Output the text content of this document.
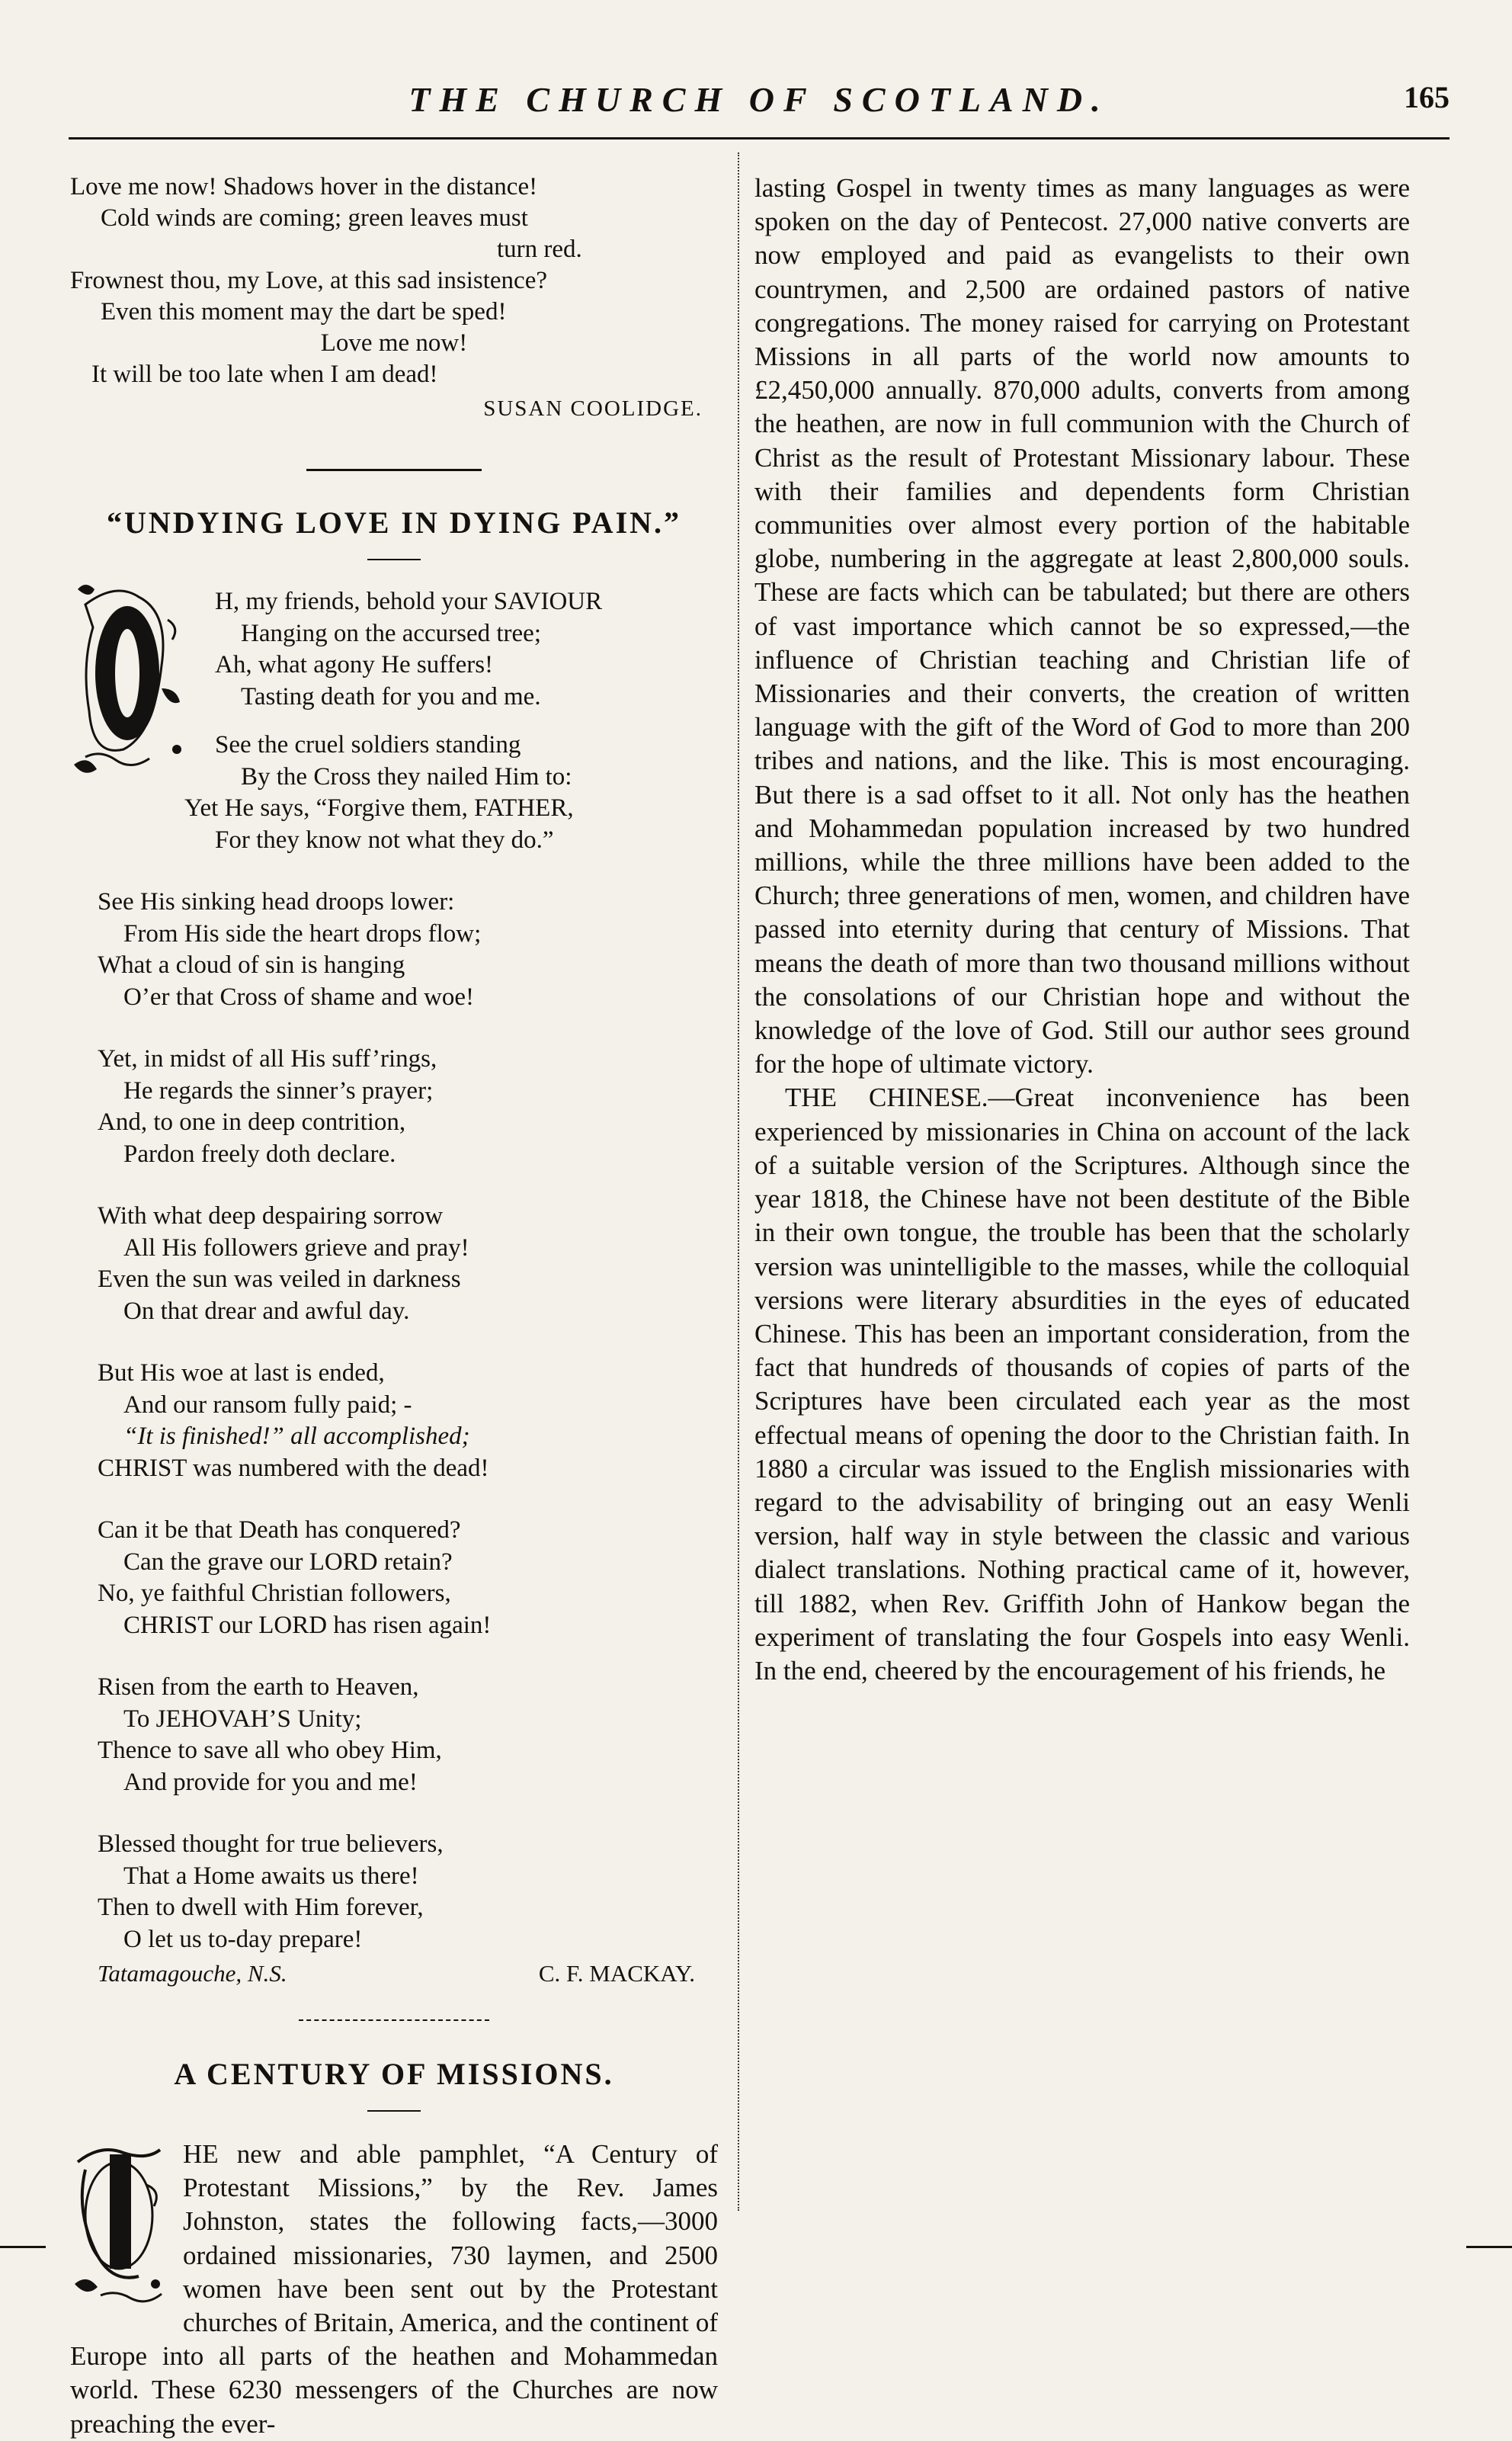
THE CHURCH OF SCOTLAND.	165
Love me now! Shadows hover in the distance!
Cold winds are coming; green leaves must
turn red.
Frownest thou, my Love, at this sad insistence?
Even this moment may the dart be sped!
Love me now!
It will be too late when I am dead!
SUSAN COOLIDGE.
“UNDYING LOVE IN DYING PAIN.”
H, my friends, behold your SAVIOUR
Hanging on the accursed tree;
Ah, what agony He suffers!
Tasting death for you and me.
See the cruel soldiers standing
By the Cross they nailed Him to:
Yet He says, “Forgive them, FATHER,
For they know not what they do.”
See His sinking head droops lower:
From His side the heart drops flow;
What a cloud of sin is hanging
O’er that Cross of shame and woe!
Yet, in midst of all His suff’rings,
He regards the sinner’s prayer;
And, to one in deep contrition,
Pardon freely doth declare.
With what deep despairing sorrow
All His followers grieve and pray!
Even the sun was veiled in darkness
On that drear and awful day.
But His woe at last is ended,
And our ransom fully paid; -
“It is finished!” all accomplished;
CHRIST was numbered with the dead!
Can it be that Death has conquered?
Can the grave our LORD retain?
No, ye faithful Christian followers,
CHRIST our LORD has risen again!
Risen from the earth to Heaven,
To JEHOVAH’S Unity;
Thence to save all who obey Him,
And provide for you and me!
Blessed thought for true believers,
That a Home awaits us there!
Then to dwell with Him forever,
O let us to-day prepare!
Tatamagouche, N.S.	C. F. MACKAY.
A CENTURY OF MISSIONS.

HE new and able pamphlet, “A Century of Protestant Missions,” by the Rev. James Johnston, states the following facts,—3000 ordained missionaries, 730 laymen, and 2500 women have been sent out by the Protestant churches of Britain, America, and the continent of Europe into all parts of the heathen and Mohammedan world. These 6230 messengers of the Churches are now preaching the ever-

lasting Gospel in twenty times as many languages as were spoken on the day of Pentecost. 27,000 native converts are now employed and paid as evangelists to their own countrymen, and 2,500 are ordained pastors of native congregations. The money raised for carrying on Protestant Missions in all parts of the world now amounts to £2,450,000 annually. 870,000 adults, converts from among the heathen, are now in full communion with the Church of Christ as the result of Protestant Missionary labour. These with their families and dependents form Christian communities over almost every portion of the habitable globe, numbering in the aggregate at least 2,800,000 souls. These are facts which can be tabulated; but there are others of vast importance which cannot be so expressed,—the influence of Christian teaching and Christian life of Missionaries and their converts, the creation of written language with the gift of the Word of God to more than 200 tribes and nations, and the like. This is most encouraging. But there is a sad offset to it all. Not only has the heathen and Mohammedan population increased by two hundred millions, while the three millions have been added to the Church; three generations of men, women, and children have passed into eternity during that century of Missions. That means the death of more than two thousand millions without the consolations of our Christian hope and without the knowledge of the love of God. Still our author sees ground for the hope of ultimate victory.

THE CHINESE.—Great inconvenience has been experienced by missionaries in China on account of the lack of a suitable version of the Scriptures. Although since the year 1818, the Chinese have not been destitute of the Bible in their own tongue, the trouble has been that the scholarly version was unintelligible to the masses, while the colloquial versions were literary absurdities in the eyes of educated Chinese. This has been an important consideration, from the fact that hundreds of thousands of copies of parts of the Scriptures have been circulated each year as the most effectual means of opening the door to the Christian faith. In 1880 a circular was issued to the English missionaries with regard to the advisability of bringing out an easy Wenli version, half way in style between the classic and various dialect translations. Nothing practical came of it, however, till 1882, when Rev. Griffith John of Hankow began the experiment of translating the four Gospels into easy Wenli. In the end, cheered by the encouragement of his friends, he
